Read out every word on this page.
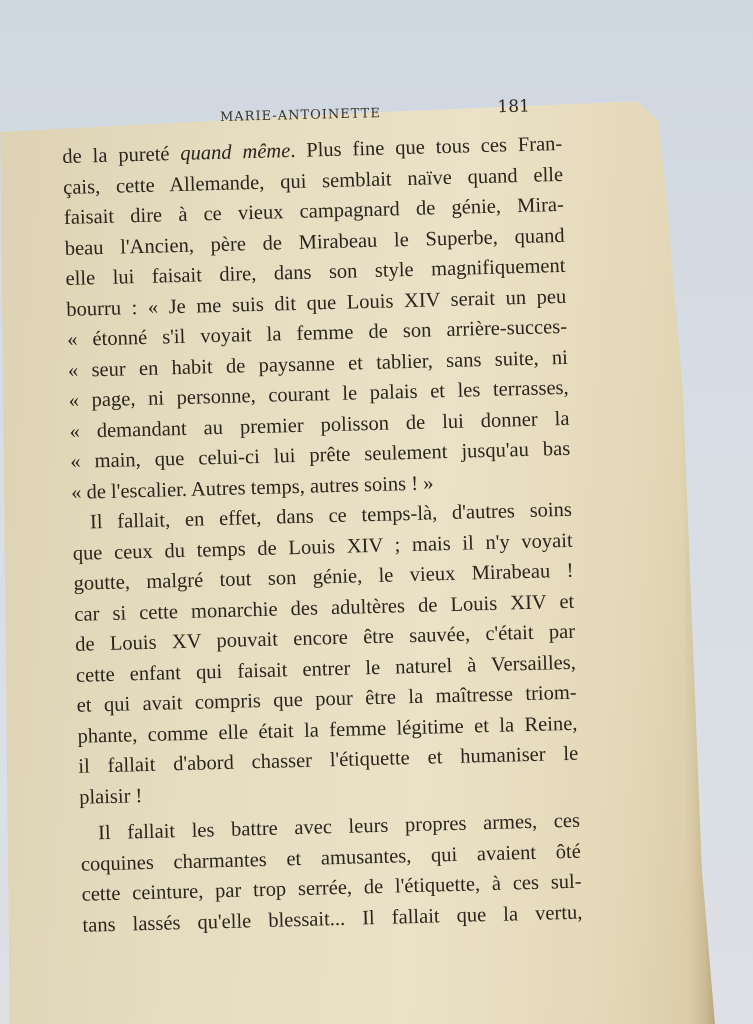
MARIE-ANTOINETTE	181
de la pureté quand même. Plus fine que tous ces Fran-
çais, cette Allemande, qui semblait naïve quand elle
faisait dire à ce vieux campagnard de génie, Mira-
beau l'Ancien, père de Mirabeau le Superbe, quand
elle lui faisait dire, dans son style magnifiquement
bourru : « Je me suis dit que Louis XIV serait un peu
« étonné s'il voyait la femme de son arrière-succes-
« seur en habit de paysanne et tablier, sans suite, ni
« page, ni personne, courant le palais et les terrasses,
« demandant au premier polisson de lui donner la
« main, que celui-ci lui prête seulement jusqu'au bas
« de l'escalier. Autres temps, autres soins ! »
Il fallait, en effet, dans ce temps-là, d'autres soins
que ceux du temps de Louis XIV ; mais il n'y voyait
goutte, malgré tout son génie, le vieux Mirabeau !
car si cette monarchie des adultères de Louis XIV et
de Louis XV pouvait encore être sauvée, c'était par
cette enfant qui faisait entrer le naturel à Versailles,
et qui avait compris que pour être la maîtresse triom-
phante, comme elle était la femme légitime et la Reine,
il fallait d'abord chasser l'étiquette et humaniser le
plaisir !
Il fallait les battre avec leurs propres armes, ces
coquines charmantes et amusantes, qui avaient ôté
cette ceinture, par trop serrée, de l'étiquette, à ces sul-
tans lassés qu'elle blessait... Il fallait que la vertu,
